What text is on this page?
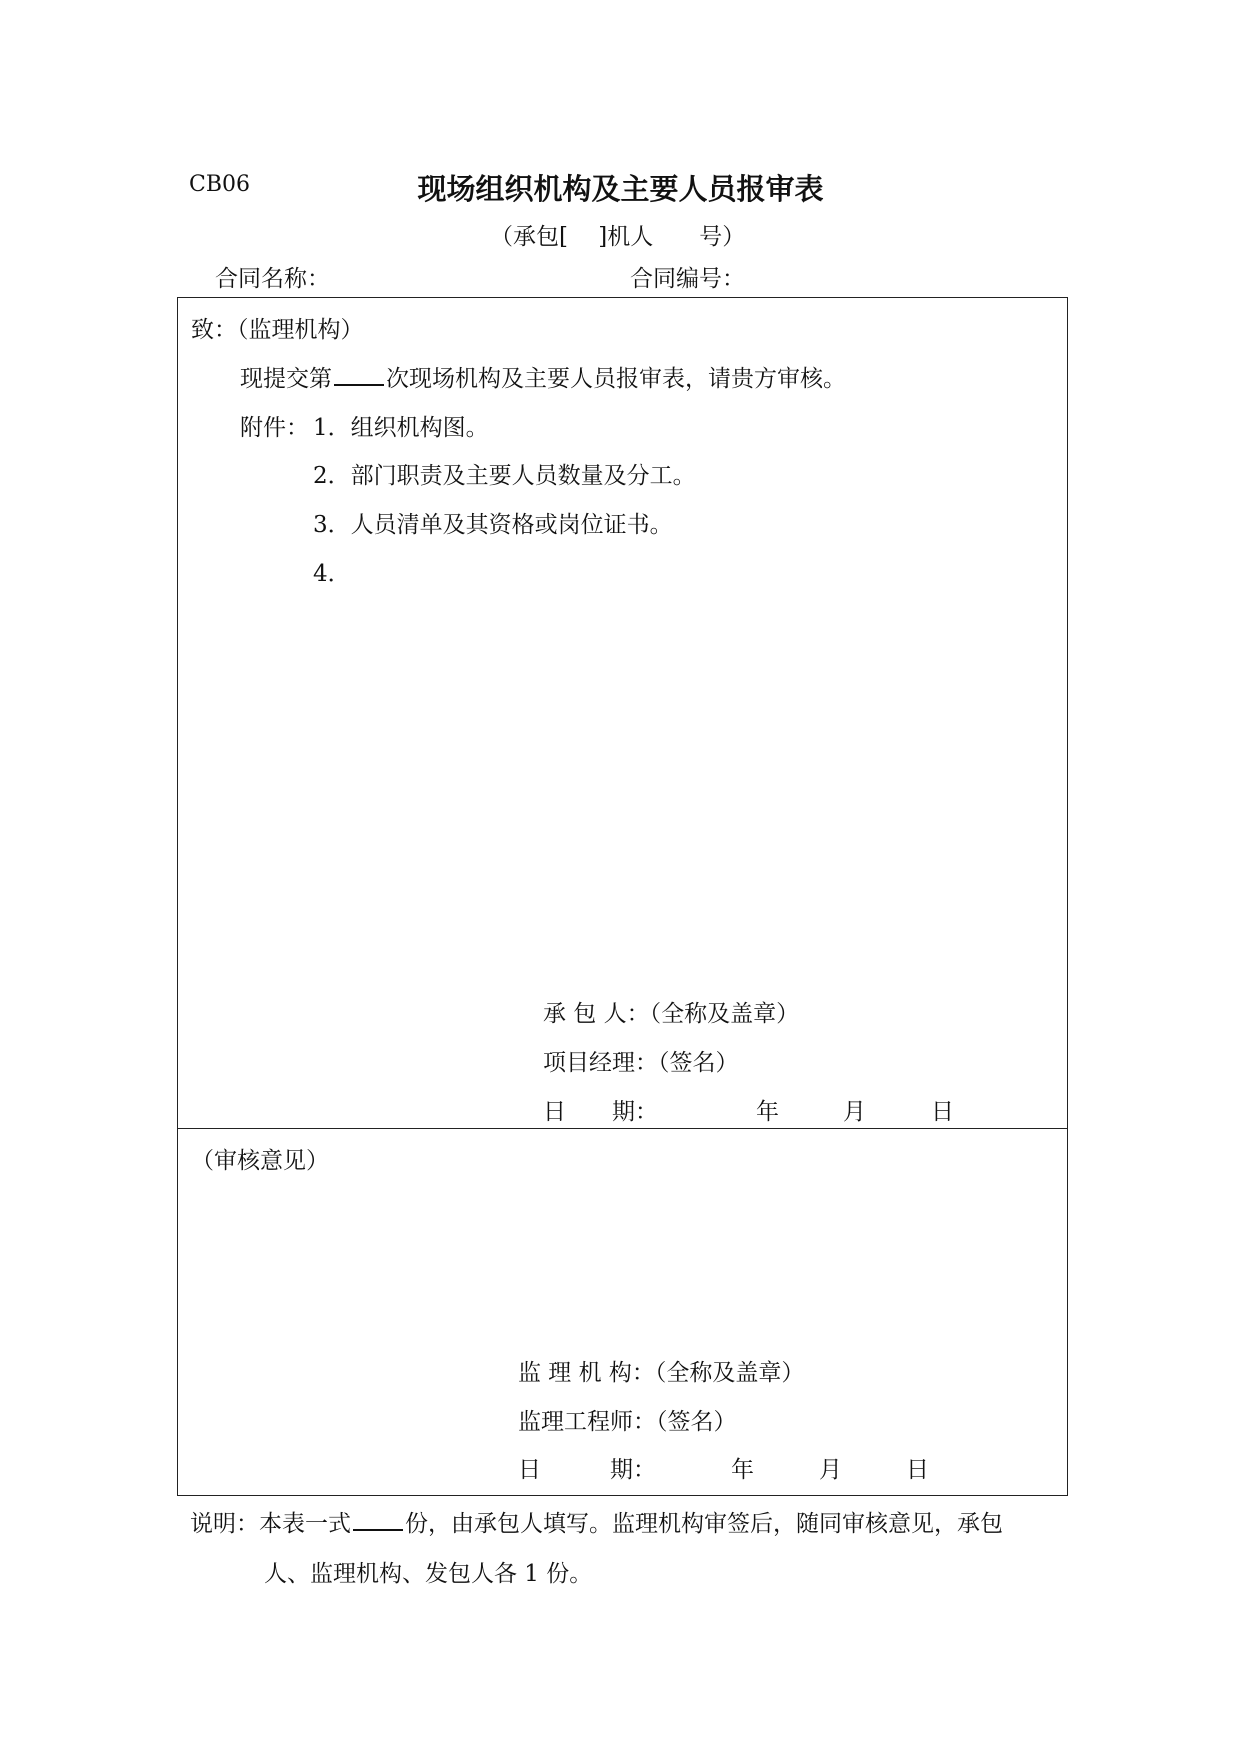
CB06	现场组织机构及主要人员报审表
（承包[　 ]机人　　号）
合同名称：	合同编号：
致：（监理机构）
现提交第 次现场机构及主要人员报审表，请贵方审核。
附件： 1．组织机构图。
2．部门职责及主要人员数量及分工。
3．人员清单及其资格或岗位证书。
4．
承 包 人：（全称及盖章）
项目经理：（签名）
日　　期：	年	月	日
（审核意见）
监 理 机 构：（全称及盖章）
监理工程师：（签名）
日　　　期：	年	月	日
说明：本表一式 份，由承包人填写。监理机构审签后，随同审核意见，承包
人、监理机构、发包人各 1 份。
